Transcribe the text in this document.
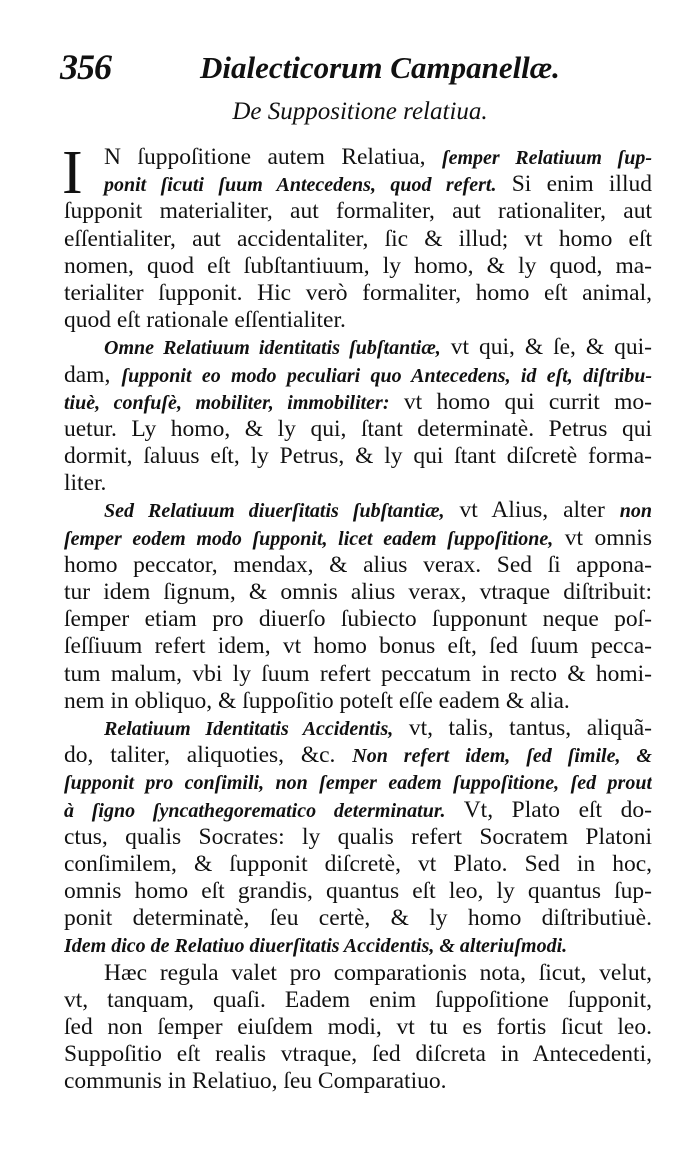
356	Dialecticorum Campanellæ.
De Suppositione relatiua.
I N ſuppoſitione autem Relatiua, ſemper Relatiuum ſup-
ponit ſicuti ſuum Antecedens, quod refert. Si enim illud
ſupponit materialiter, aut formaliter, aut rationaliter, aut
eſſentialiter, aut accidentaliter, ſic & illud; vt homo eſt
nomen, quod eſt ſubſtantiuum, ly homo, & ly quod, ma-
terialiter ſupponit. Hic verò formaliter, homo eſt animal,
quod eſt rationale eſſentialiter.
Omne Relatiuum identitatis ſubſtantiæ, vt qui, & ſe, & qui-
dam, ſupponit eo modo peculiari quo Antecedens, id eſt, diſtribu-
tiuè, confuſè, mobiliter, immobiliter: vt homo qui currit mo-
uetur. Ly homo, & ly qui, ſtant determinatè. Petrus qui
dormit, ſaluus eſt, ly Petrus, & ly qui ſtant diſcretè forma-
liter.
Sed Relatiuum diuerſitatis ſubſtantiæ, vt Alius, alter non
ſemper eodem modo ſupponit, licet eadem ſuppoſitione, vt omnis
homo peccator, mendax, & alius verax. Sed ſi appona-
tur idem ſignum, & omnis alius verax, vtraque diſtribuit:
ſemper etiam pro diuerſo ſubiecto ſupponunt neque poſ-
ſeſſiuum refert idem, vt homo bonus eſt, ſed ſuum pecca-
tum malum, vbi ly ſuum refert peccatum in recto & homi-
nem in obliquo, & ſuppoſitio poteſt eſſe eadem & alia.
Relatiuum Identitatis Accidentis, vt, talis, tantus, aliquã-
do, taliter, aliquoties, &c. Non refert idem, ſed ſimile, &
ſupponit pro conſimili, non ſemper eadem ſuppoſitione, ſed prout
à ſigno ſyncathegorematico determinatur. Vt, Plato eſt do-
ctus, qualis Socrates: ly qualis refert Socratem Platoni
conſimilem, & ſupponit diſcretè, vt Plato. Sed in hoc,
omnis homo eſt grandis, quantus eſt leo, ly quantus ſup-
ponit determinatè, ſeu certè, & ly homo diſtributiuè.
Idem dico de Relatiuo diuerſitatis Accidentis, & alteriuſmodi.
Hæc regula valet pro comparationis nota, ſicut, velut,
vt, tanquam, quaſi. Eadem enim ſuppoſitione ſupponit,
ſed non ſemper eiuſdem modi, vt tu es fortis ſicut leo.
Suppoſitio eſt realis vtraque, ſed diſcreta in Antecedenti,
communis in Relatiuo, ſeu Comparatiuo.
